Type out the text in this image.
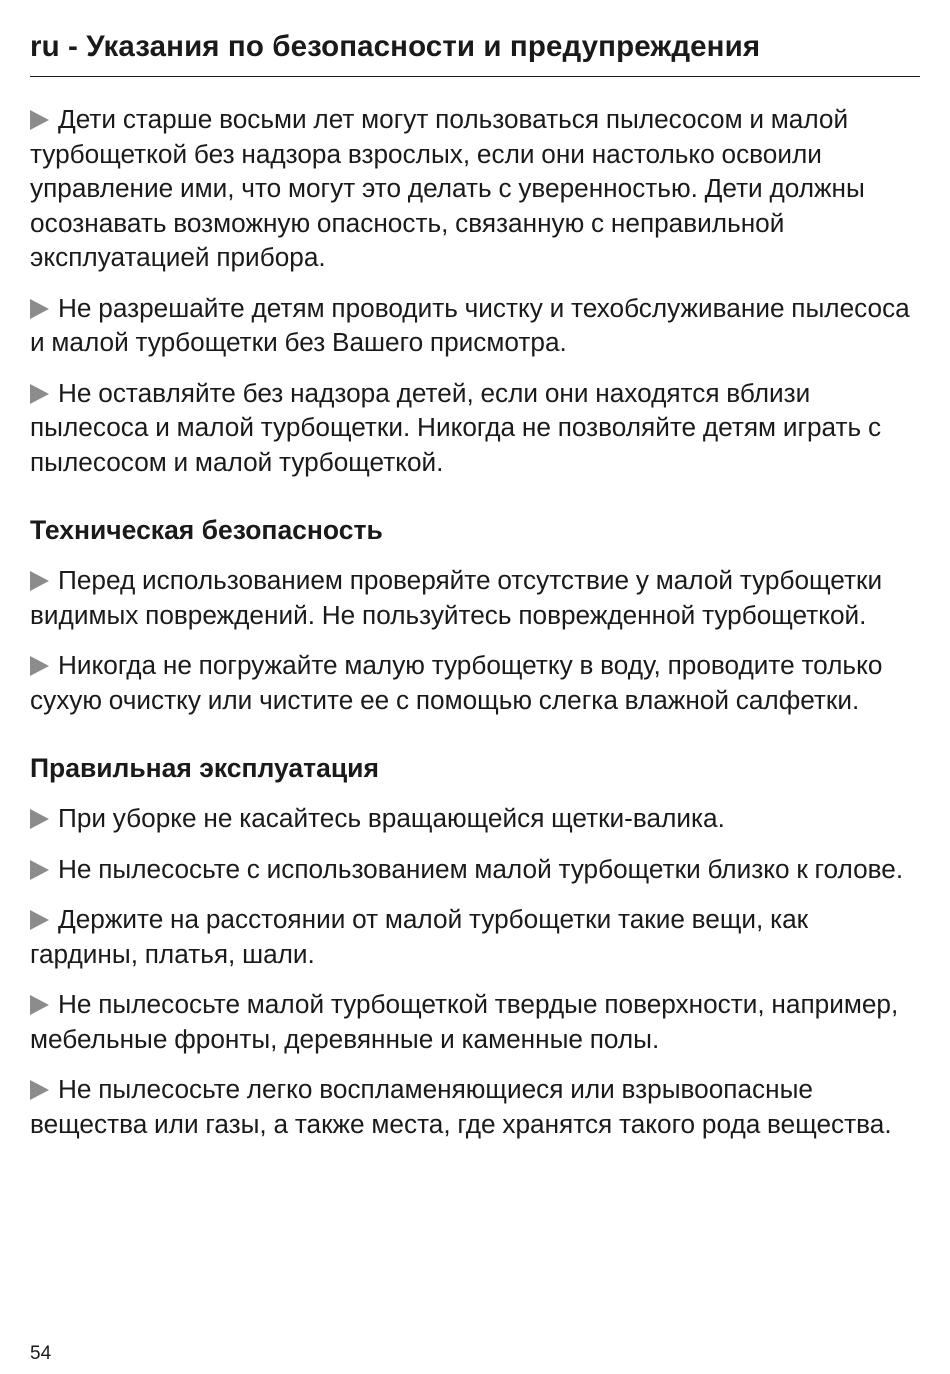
ru - Указания по безопасности и предупреждения

Дети старше восьми лет могут пользоваться пылесосом и малой турбощеткой без надзора взрослых, если они настолько освоили управление ими, что могут это делать с уверенностью. Дети должны осознавать возможную опасность, связанную с неправильной эксплуатацией прибора.

Не разрешайте детям проводить чистку и техобслуживание пылесоса и малой турбощетки без Вашего присмотра.

Не оставляйте без надзора детей, если они находятся вблизи пылесоса и малой турбощетки. Никогда не позволяйте детям играть с пылесосом и малой турбощеткой.

Техническая безопасность

Перед использованием проверяйте отсутствие у малой турбощетки видимых повреждений. Не пользуйтесь поврежденной турбощеткой.

Никогда не погружайте малую турбощетку в воду, проводите только сухую очистку или чистите ее с помощью слегка влажной салфетки.

Правильная эксплуатация

При уборке не касайтесь вращающейся щетки-валика.

Не пылесосьте с использованием малой турбощетки близко к голове.

Держите на расстоянии от малой турбощетки такие вещи, как гардины, платья, шали.

Не пылесосьте малой турбощеткой твердые поверхности, например, мебельные фронты, деревянные и каменные полы.

Не пылесосьте легко воспламеняющиеся или взрывоопасные вещества или газы, а также места, где хранятся такого рода вещества.

54
